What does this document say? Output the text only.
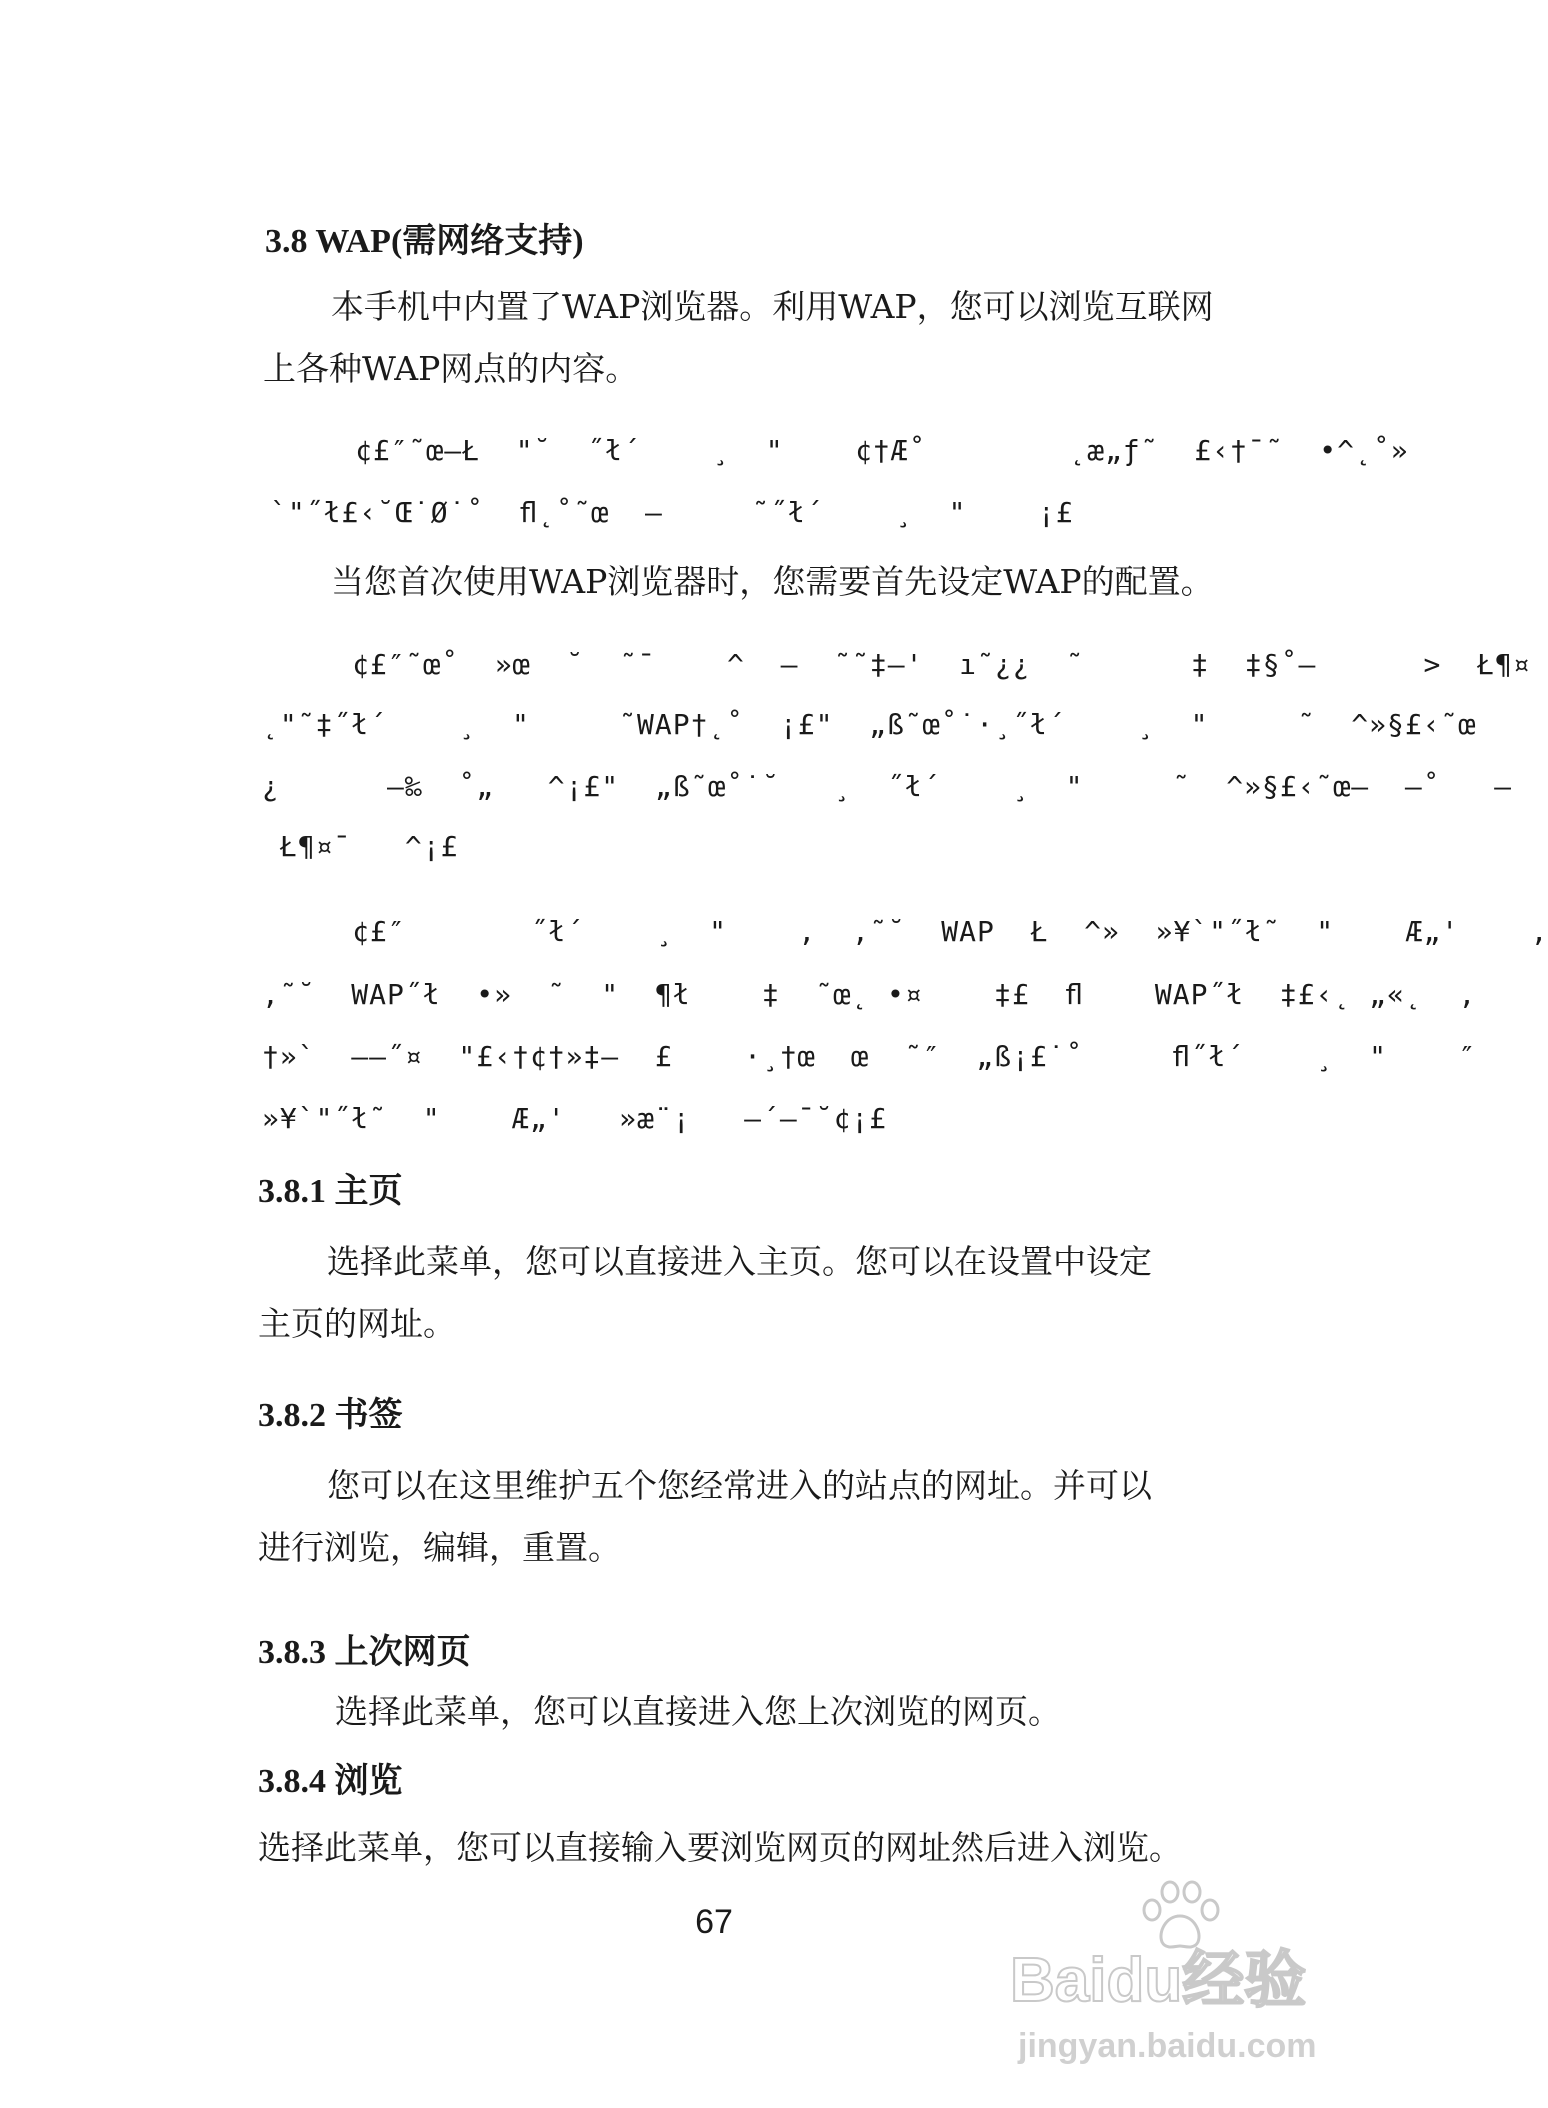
3.8 WAP(需网络支持)

本手机中内置了WAP浏览器。利用WAP，您可以浏览互联网

上各种WAP网点的内容。

¢£″˜œ—Ł  "˘  ˝ł´    ¸  "    ¢†Æ˚        ˛æ„ƒ˜  £‹†¯˜  •^˛˚»
`"˝ł£‹˘Œ˙Ø˙˚  ﬂ˛˚˜œ  –     ˜˝ł´    ¸  "    ¡£

当您首次使用WAP浏览器时，您需要首先设定WAP的配置。

¢£″˜œ˚  »œ  ˘  ˜¯    ^  —  ˜˜‡—'  ı˜¿¿  ˜      ‡  ‡§˚–      >  Ł¶¤
˛"˜‡˝ł´    ¸  "     ˜WAP†˛˚  ¡£"  „ß˜œ˚˙·¸˝ł´    ¸  "     ˜  ^»§£‹˜œ
¿      –‰  ˚„   ^¡£"  „ß˜œ˚˙˘   ¸  ˝ł´    ¸  "     ˜  ^»§£‹˜œ–  —˚   –
Ł¶¤¯   ^¡£
¢£″       ˝ł´    ¸  "    ,  ,˜˘  WAP  Ł  ^»  »¥`"˝ł˜  "    Æ„'    ,
,˜˘  WAP˝ł  •»  ˜  "  ¶ł    ‡  ˜œ˛ •¤    ‡£  ﬂ    WAP˝ł  ‡£‹˛ „«˛  ,
†»`  ——˝¤  "£‹†¢†»‡—  £    ·¸†œ  œ  ˜″  „ß¡£˙˚     ﬂ˝ł´    ¸  "    ″
»¥`"˝ł˜  "    Æ„'   »æ¨¡   —´—¯˘¢¡£
3.8.1 主页

选择此菜单，您可以直接进入主页。您可以在设置中设定

主页的网址。

3.8.2 书签

您可以在这里维护五个您经常进入的站点的网址。并可以

进行浏览，编辑，重置。

3.8.3 上次网页

选择此菜单，您可以直接进入您上次浏览的网页。

3.8.4 浏览

选择此菜单，您可以直接输入要浏览网页的网址然后进入浏览。

67
Baidu经验
jingyan.baidu.com
